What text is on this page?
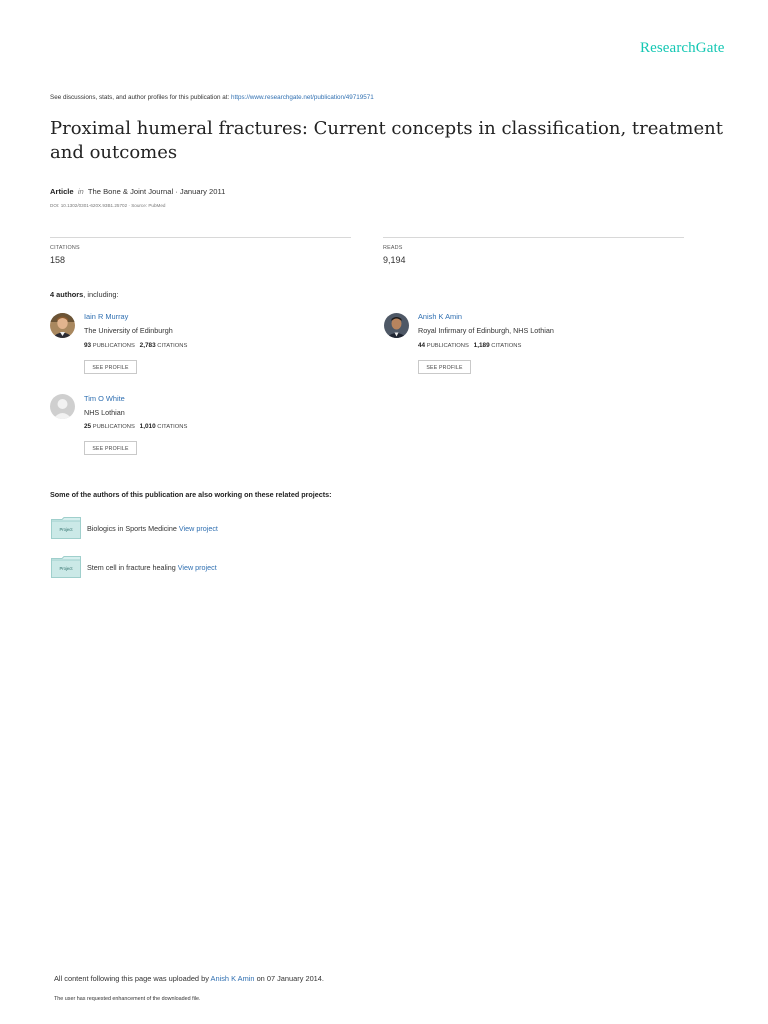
ResearchGate
See discussions, stats, and author profiles for this publication at: https://www.researchgate.net/publication/49719571
Proximal humeral fractures: Current concepts in classification, treatment and outcomes
Article in The Bone & Joint Journal · January 2011
DOI: 10.1302/0301-620X.93B1.25702 · Source: PubMed
CITATIONS
158
READS
9,194
4 authors, including:
Iain R Murray
The University of Edinburgh
93 PUBLICATIONS 2,783 CITATIONS
SEE PROFILE
Anish K Amin
Royal Infirmary of Edinburgh, NHS Lothian
44 PUBLICATIONS 1,189 CITATIONS
SEE PROFILE
Tim O White
NHS Lothian
25 PUBLICATIONS 1,010 CITATIONS
SEE PROFILE
Some of the authors of this publication are also working on these related projects:
Project	Biologics in Sports Medicine View project
Project	Stem cell in fracture healing View project
All content following this page was uploaded by Anish K Amin on 07 January 2014.
The user has requested enhancement of the downloaded file.
